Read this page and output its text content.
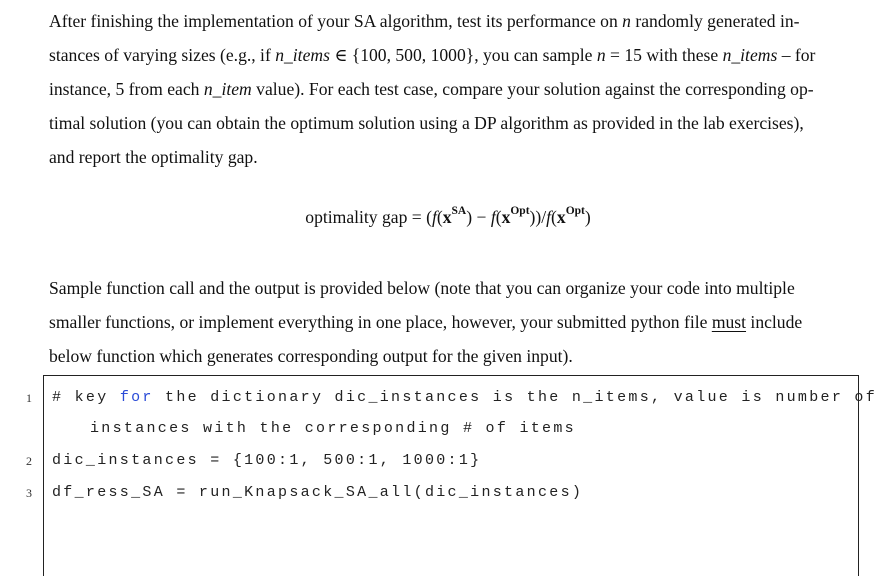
After finishing the implementation of your SA algorithm, test its performance on n randomly generated in-
stances of varying sizes (e.g., if n_items ∈ {100, 500, 1000}, you can sample n = 15 with these n_items – for
instance, 5 from each n_item value). For each test case, compare your solution against the corresponding op-
timal solution (you can obtain the optimum solution using a DP algorithm as provided in the lab exercises),
and report the optimality gap.
optimality gap = $(f(x^{SA}) - f(x^{Opt}))/f(x^{Opt})$
Sample function call and the output is provided below (note that you can organize your code into multiple
smaller functions, or implement everything in one place, however, your submitted python file must include
below function which generates corresponding output for the given input).
1 # key for the dictionary dic_instances is the n_items, value is number of
instances with the corresponding # of items
2 dic_instances = {100:1, 500:1, 1000:1}
3 df_ress_SA = run_Knapsack_SA_all(dic_instances)
